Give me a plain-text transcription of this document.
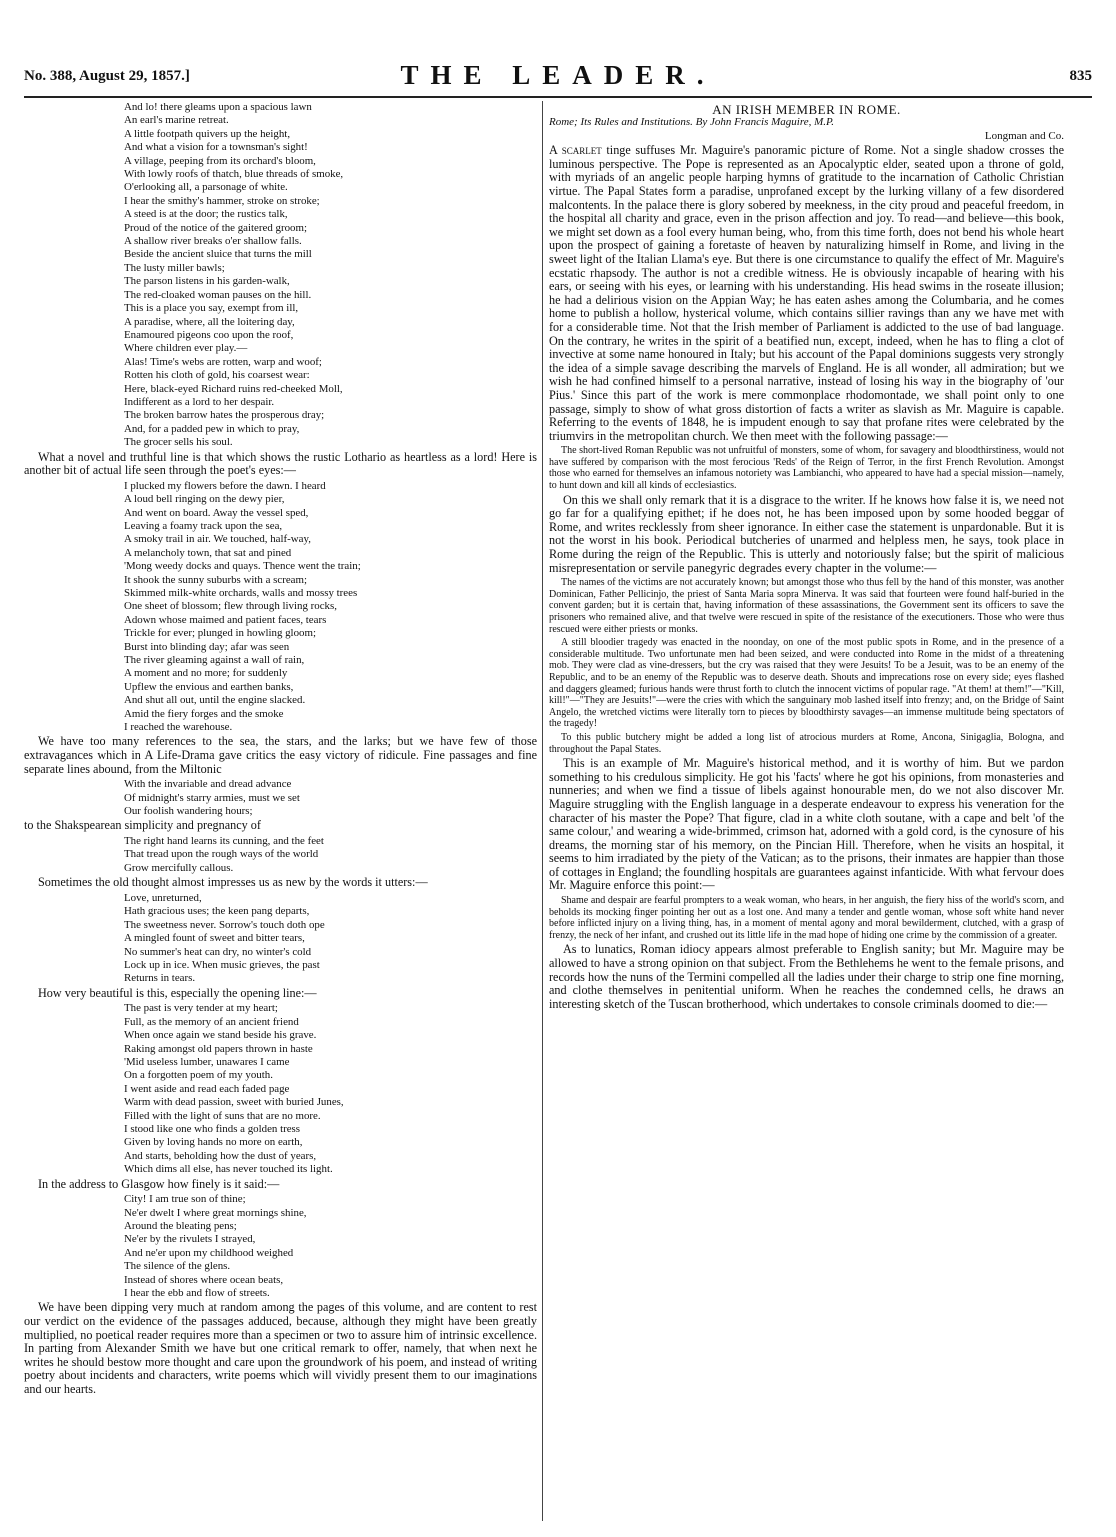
No. 388, August 29, 1857.]	THE LEADER.	835
And lo! there gleams upon a spacious lawn
An earl's marine retreat.
A little footpath quivers up the height,
And what a vision for a townsman's sight!
A village, peeping from its orchard's bloom,
With lowly roofs of thatch, blue threads of smoke,
O'erlooking all, a parsonage of white.
I hear the smithy's hammer, stroke on stroke;
A steed is at the door; the rustics talk,
Proud of the notice of the gaitered groom;
A shallow river breaks o'er shallow falls.
Beside the ancient sluice that turns the mill
The lusty miller bawls;
The parson listens in his garden-walk,
The red-cloaked woman pauses on the hill.
This is a place you say, exempt from ill,
A paradise, where, all the loitering day,
Enamoured pigeons coo upon the roof,
Where children ever play.—
Alas! Time's webs are rotten, warp and woof;
Rotten his cloth of gold, his coarsest wear:
Here, black-eyed Richard ruins red-cheeked Moll,
Indifferent as a lord to her despair.
The broken barrow hates the prosperous dray;
And, for a padded pew in which to pray,
The grocer sells his soul.

What a novel and truthful line is that which shows the rustic Lothario as heartless as a lord! Here is another bit of actual life seen through the poet's eyes:—

I plucked my flowers before the dawn. I heard
A loud bell ringing on the dewy pier,
And went on board. Away the vessel sped,
Leaving a foamy track upon the sea,
A smoky trail in air. We touched, half-way,
A melancholy town, that sat and pined
'Mong weedy docks and quays. Thence went the train;
It shook the sunny suburbs with a scream;
Skimmed milk-white orchards, walls and mossy trees
One sheet of blossom; flew through living rocks,
Adown whose maimed and patient faces, tears
Trickle for ever; plunged in howling gloom;
Burst into blinding day; afar was seen
The river gleaming against a wall of rain,
A moment and no more; for suddenly
Upflew the envious and earthen banks,
And shut all out, until the engine slacked.
Amid the fiery forges and the smoke
I reached the warehouse.

We have too many references to the sea, the stars, and the larks; but we have few of those extravagances which in A Life-Drama gave critics the easy victory of ridicule. Fine passages and fine separate lines abound, from the Miltonic

With the invariable and dread advance
Of midnight's starry armies, must we set
Our foolish wandering hours;

to the Shakspearean simplicity and pregnancy of

The right hand learns its cunning, and the feet
That tread upon the rough ways of the world
Grow mercifully callous.

Sometimes the old thought almost impresses us as new by the words it utters:—

Love, unreturned,
Hath gracious uses; the keen pang departs,
The sweetness never. Sorrow's touch doth ope
A mingled fount of sweet and bitter tears,
No summer's heat can dry, no winter's cold
Lock up in ice. When music grieves, the past
Returns in tears.

How very beautiful is this, especially the opening line:—

The past is very tender at my heart;
Full, as the memory of an ancient friend
When once again we stand beside his grave.
Raking amongst old papers thrown in haste
'Mid useless lumber, unawares I came
On a forgotten poem of my youth.
I went aside and read each faded page
Warm with dead passion, sweet with buried Junes,
Filled with the light of suns that are no more.
I stood like one who finds a golden tress
Given by loving hands no more on earth,
And starts, beholding how the dust of years,
Which dims all else, has never touched its light.

In the address to Glasgow how finely is it said:—

City! I am true son of thine;
Ne'er dwelt I where great mornings shine,
Around the bleating pens;
Ne'er by the rivulets I strayed,
And ne'er upon my childhood weighed
The silence of the glens.
Instead of shores where ocean beats,
I hear the ebb and flow of streets.

We have been dipping very much at random among the pages of this volume, and are content to rest our verdict on the evidence of the passages adduced, because, although they might have been greatly multiplied, no poetical reader requires more than a specimen or two to assure him of intrinsic excellence. In parting from Alexander Smith we have but one critical remark to offer, namely, that when next he writes he should bestow more thought and care upon the groundwork of his poem, and instead of writing poetry about incidents and characters, write poems which will vividly present them to our imaginations and our hearts.

AN IRISH MEMBER IN ROME.
Rome; Its Rules and Institutions. By John Francis Maguire, M.P.
Longman and Co.

A scarlet tinge suffuses Mr. Maguire's panoramic picture of Rome. Not a single shadow crosses the luminous perspective. The Pope is represented as an Apocalyptic elder, seated upon a throne of gold, with myriads of an angelic people harping hymns of gratitude to the incarnation of Catholic Christian virtue. The Papal States form a paradise, unprofaned except by the lurking villany of a few disordered malcontents. In the palace there is glory sobered by meekness, in the city proud and peaceful freedom, in the hospital all charity and grace, even in the prison affection and joy. To read—and believe—this book, we might set down as a fool every human being, who, from this time forth, does not bend his whole heart upon the prospect of gaining a foretaste of heaven by naturalizing himself in Rome, and living in the sweet light of the Italian Llama's eye. But there is one circumstance to qualify the effect of Mr. Maguire's ecstatic rhapsody. The author is not a credible witness. He is obviously incapable of hearing with his ears, or seeing with his eyes, or learning with his understanding. His head swims in the roseate illusion; he had a delirious vision on the Appian Way; he has eaten ashes among the Columbaria, and he comes home to publish a hollow, hysterical volume, which contains sillier ravings than any we have met with for a considerable time. Not that the Irish member of Parliament is addicted to the use of bad language. On the contrary, he writes in the spirit of a beatified nun, except, indeed, when he has to fling a clot of invective at some name honoured in Italy; but his account of the Papal dominions suggests very strongly the idea of a simple savage describing the marvels of England. He is all wonder, all admiration; but we wish he had confined himself to a personal narrative, instead of losing his way in the biography of 'our Pius.' Since this part of the work is mere commonplace rhodomontade, we shall point only to one passage, simply to show of what gross distortion of facts a writer as slavish as Mr. Maguire is capable. Referring to the events of 1848, he is impudent enough to say that profane rites were celebrated by the triumvirs in the metropolitan church. We then meet with the following passage:—

The short-lived Roman Republic was not unfruitful of monsters, some of whom, for savagery and bloodthirstiness, would not have suffered by comparison with the most ferocious 'Reds' of the Reign of Terror, in the first French Revolution. Amongst those who earned for themselves an infamous notoriety was Lambianchi, who appeared to have had a special mission—namely, to hunt down and kill all kinds of ecclesiastics.

On this we shall only remark that it is a disgrace to the writer. If he knows how false it is, we need not go far for a qualifying epithet; if he does not, he has been imposed upon by some hooded beggar of Rome, and writes recklessly from sheer ignorance. In either case the statement is unpardonable. But it is not the worst in his book. Periodical butcheries of unarmed and helpless men, he says, took place in Rome during the reign of the Republic. This is utterly and notoriously false; but the spirit of malicious misrepresentation or servile panegyric degrades every chapter in the volume:—

The names of the victims are not accurately known; but amongst those who thus fell by the hand of this monster, was another Dominican, Father Pellicinjo, the priest of Santa Maria sopra Minerva. It was said that fourteen were found half-buried in the convent garden; but it is certain that, having information of these assassinations, the Government sent its officers to save the prisoners who remained alive, and that twelve were rescued in spite of the resistance of the executioners. Those who were thus rescued were either priests or monks.

A still bloodier tragedy was enacted in the noonday, on one of the most public spots in Rome, and in the presence of a considerable multitude. Two unfortunate men had been seized, and were conducted into Rome in the midst of a threatening mob. They were clad as vine-dressers, but the cry was raised that they were Jesuits! To be a Jesuit, was to be an enemy of the Republic, and to be an enemy of the Republic was to deserve death. Shouts and imprecations rose on every side; eyes flashed and daggers gleamed; furious hands were thrust forth to clutch the innocent victims of popular rage. "At them! at them!"—"Kill, kill!"—"They are Jesuits!"—were the cries with which the sanguinary mob lashed itself into frenzy; and, on the Bridge of Saint Angelo, the wretched victims were literally torn to pieces by bloodthirsty savages—an immense multitude being spectators of the tragedy!

To this public butchery might be added a long list of atrocious murders at Rome, Ancona, Sinigaglia, Bologna, and throughout the Papal States.

This is an example of Mr. Maguire's historical method, and it is worthy of him. But we pardon something to his credulous simplicity. He got his 'facts' where he got his opinions, from monasteries and nunneries; and when we find a tissue of libels against honourable men, do we not also discover Mr. Maguire struggling with the English language in a desperate endeavour to express his veneration for the character of his master the Pope? That figure, clad in a white cloth soutane, with a cape and belt 'of the same colour,' and wearing a wide-brimmed, crimson hat, adorned with a gold cord, is the cynosure of his dreams, the morning star of his memory, on the Pincian Hill. Therefore, when he visits an hospital, it seems to him irradiated by the piety of the Vatican; as to the prisons, their inmates are happier than those of cottages in England; the foundling hospitals are guarantees against infanticide. With what fervour does Mr. Maguire enforce this point:—

Shame and despair are fearful prompters to a weak woman, who hears, in her anguish, the fiery hiss of the world's scorn, and beholds its mocking finger pointing her out as a lost one. And many a tender and gentle woman, whose soft white hand never before inflicted injury on a living thing, has, in a moment of mental agony and moral bewilderment, clutched, with a grasp of frenzy, the neck of her infant, and crushed out its little life in the mad hope of hiding one crime by the commission of a greater.

As to lunatics, Roman idiocy appears almost preferable to English sanity; but Mr. Maguire may be allowed to have a strong opinion on that subject. From the Bethlehems he went to the female prisons, and records how the nuns of the Termini compelled all the ladies under their charge to strip one fine morning, and clothe themselves in penitential uniform. When he reaches the condemned cells, he draws an interesting sketch of the Tuscan brotherhood, which undertakes to console criminals doomed to die:—
